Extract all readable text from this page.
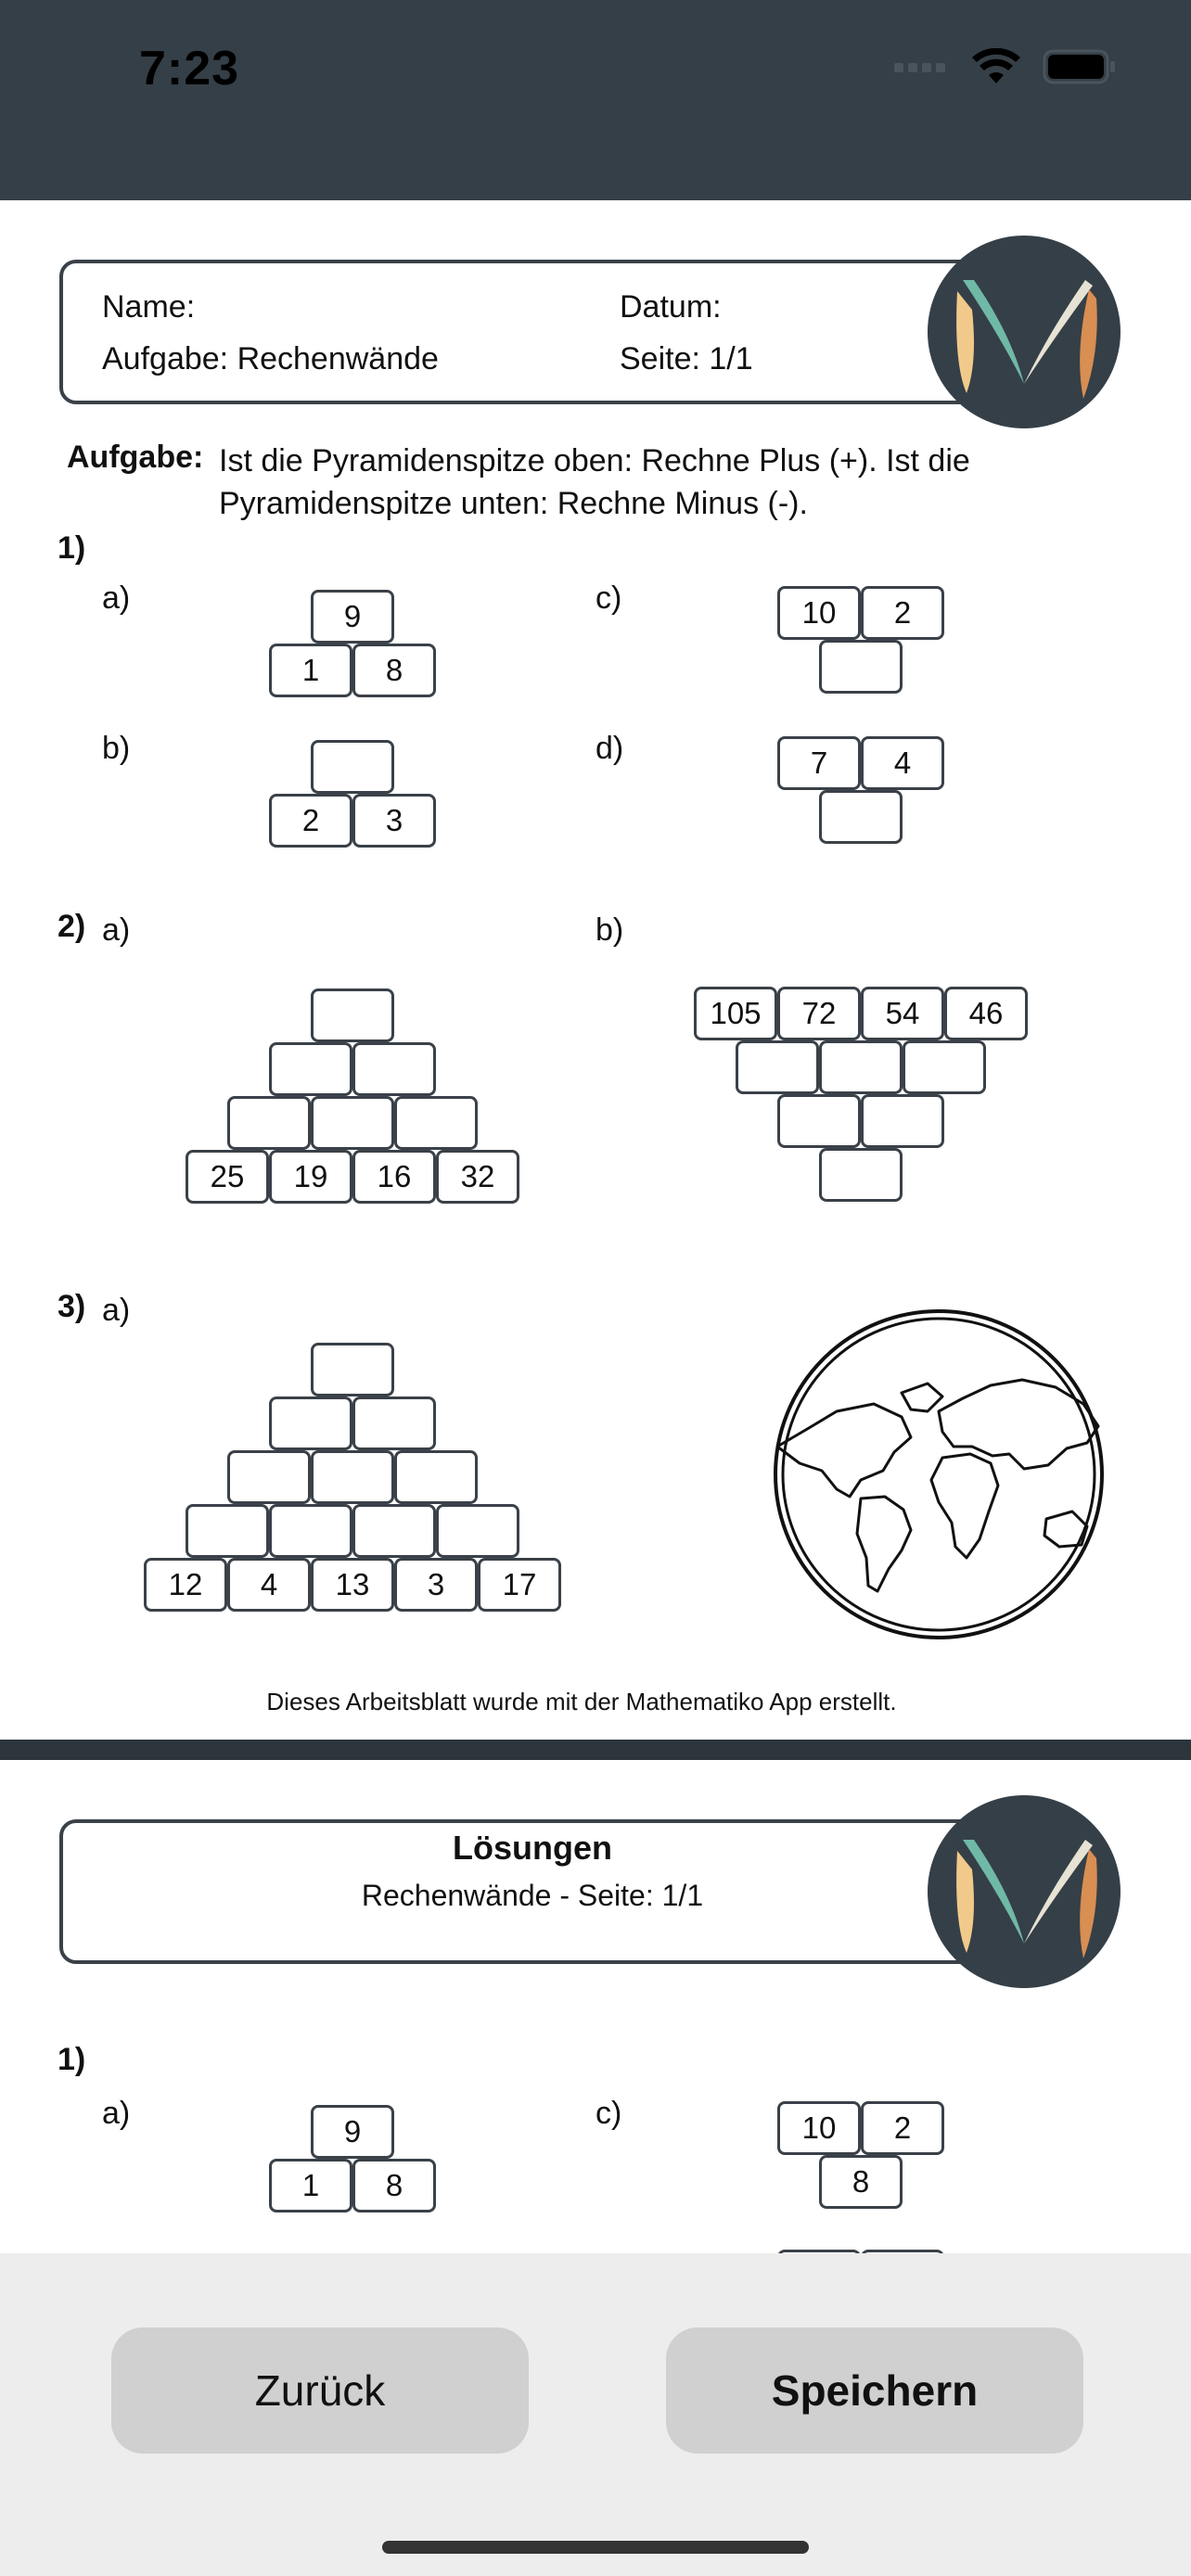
7:23
Name:
Aufgabe: Rechenwände
Datum:
Seite: 1/1
Aufgabe: Ist die Pyramidenspitze oben: Rechne Plus (+). Ist die Pyramidenspitze unten: Rechne Minus (-).
1)
a)	c)
b)	d)
9
1	8
10	2
2	3
7	4
2) a)	b)
25	19	16	32
105	72	54	46
3) a)
12	4	13	3	17
Dieses Arbeitsblatt wurde mit der Mathematiko App erstellt.
Lösungen
Rechenwände - Seite: 1/1
1)
a)	c)
9
1	8
10	2
8
Zurück	Speichern
